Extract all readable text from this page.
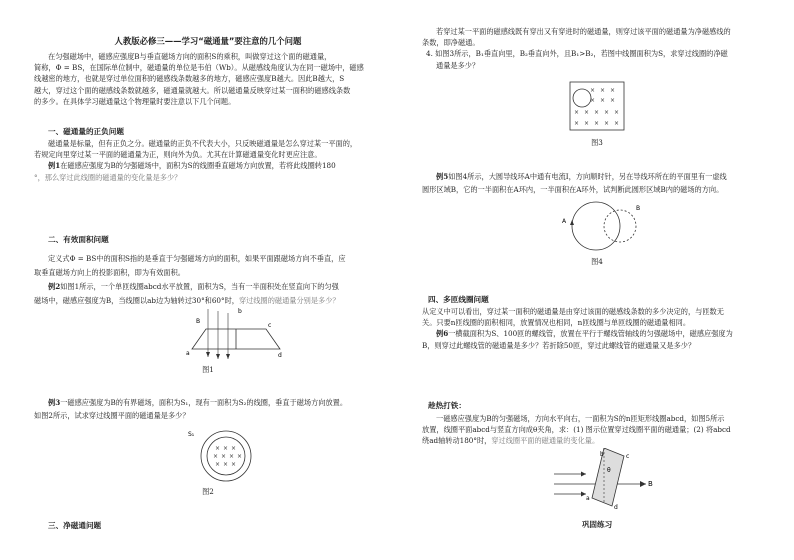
人教版必修三——学习“磁通量”要注意的几个问题

在匀强磁场中，磁感应强度B与垂直磁场方向的面积S的乘积，叫做穿过这个面的磁通量，

简称，Φ = BS，在国际单位制中，磁通量的单位是韦伯（Wb）。从磁感线角度认为在同一磁场中，磁感

线越密的地方，也就是穿过单位面积的磁感线条数越多的地方，磁感应强度B越大。因此B越大，S

越大，穿过这个面的磁感线条数就越多，磁通量就越大。所以磁通量反映穿过某一面积的磁感线条数

的多少。在具体学习磁通量这个物理量时要注意以下几个问题。

一、磁通量的正负问题

磁通量是标量，但有正负之分。磁通量的正负不代表大小，只反映磁通量是怎么穿过某一平面的，

若规定向里穿过某一平面的磁通量为正，则向外为负。尤其在计算磁通量变化时更应注意。

例1在磁感应强度为B的匀强磁场中，面积为S的线圈垂直磁场方向放置，若将此线圈转180

°，那么穿过此线圈的磁通量的变化量是多少？

二、有效面积问题

定义式Φ = BS中的面积S指的是垂直于匀强磁场方向的面积，如果平面跟磁场方向不垂直，应

取垂直磁场方向上的投影面积，即为有效面积。

例2如图1所示，一个单匝线圈abcd水平放置，面积为S，当有一半面积处在竖直向下的匀强

磁场中，磁感应强度为B，当线圈以ab边为轴转过30°和60°时，穿过线圈的磁通量分别是多少？

a
b
c
d
B
图1

例3一磁感应强度为B的有界磁场，面积为S₁，现有一面积为S₂的线圈，垂直于磁场方向放置。

如图2所示，试求穿过线圈平面的磁通量是多少？

S₁
× × ×
× × × ×
× × ×
图2
三、净磁通问题

若穿过某一平面的磁感线既有穿出又有穿进时的磁通量，则穿过该平面的磁通量为净磁感线的

条数，即净磁通。

4. 如图3所示，B₁垂直向里，B₂垂直向外，且B₁>B₂，若图中线圈面积为S，求穿过线圈的净磁

通量是多少？

× × ×
× × ×
× × × × ×
× × × × ×
图3

例5如图4所示，大圆导线环A中通有电流I，方向顺时针，另在导线环所在的平面里有一虚线

圆形区域B，它的一半面积在A环内，一半面积在A环外，试判断此圆形区域B内的磁场的方向。

A
B
图4
四、多匝线圈问题

从定义中可以看出，穿过某一面积的磁通量是由穿过该面的磁感线条数的多少决定的，与匝数无

关。只要n匝线圈的面积相同，放置情况也相同，n匝线圈与单匝线圈的磁通量相同。

例6一横截面积为S、100匝的螺线管，放置在平行于螺线管轴线的匀强磁场中，磁感应强度为

B，则穿过此螺线管的磁通量是多少？若折除50匝，穿过此螺线管的磁通量又是多少？

趁热打铁：

一磁感应强度为B的匀强磁场，方向水平向右，一面积为S的n匝矩形线圈abcd，如图5所示

放置，线圈平面abcd与竖直方向成θ夹角，求：(1) 图示位置穿过线圈平面的磁通量；(2) 将abcd

绕ad轴转动180°时，穿过线圈平面的磁通量的变化量。

a
b	c
d
B
θ
巩固练习
